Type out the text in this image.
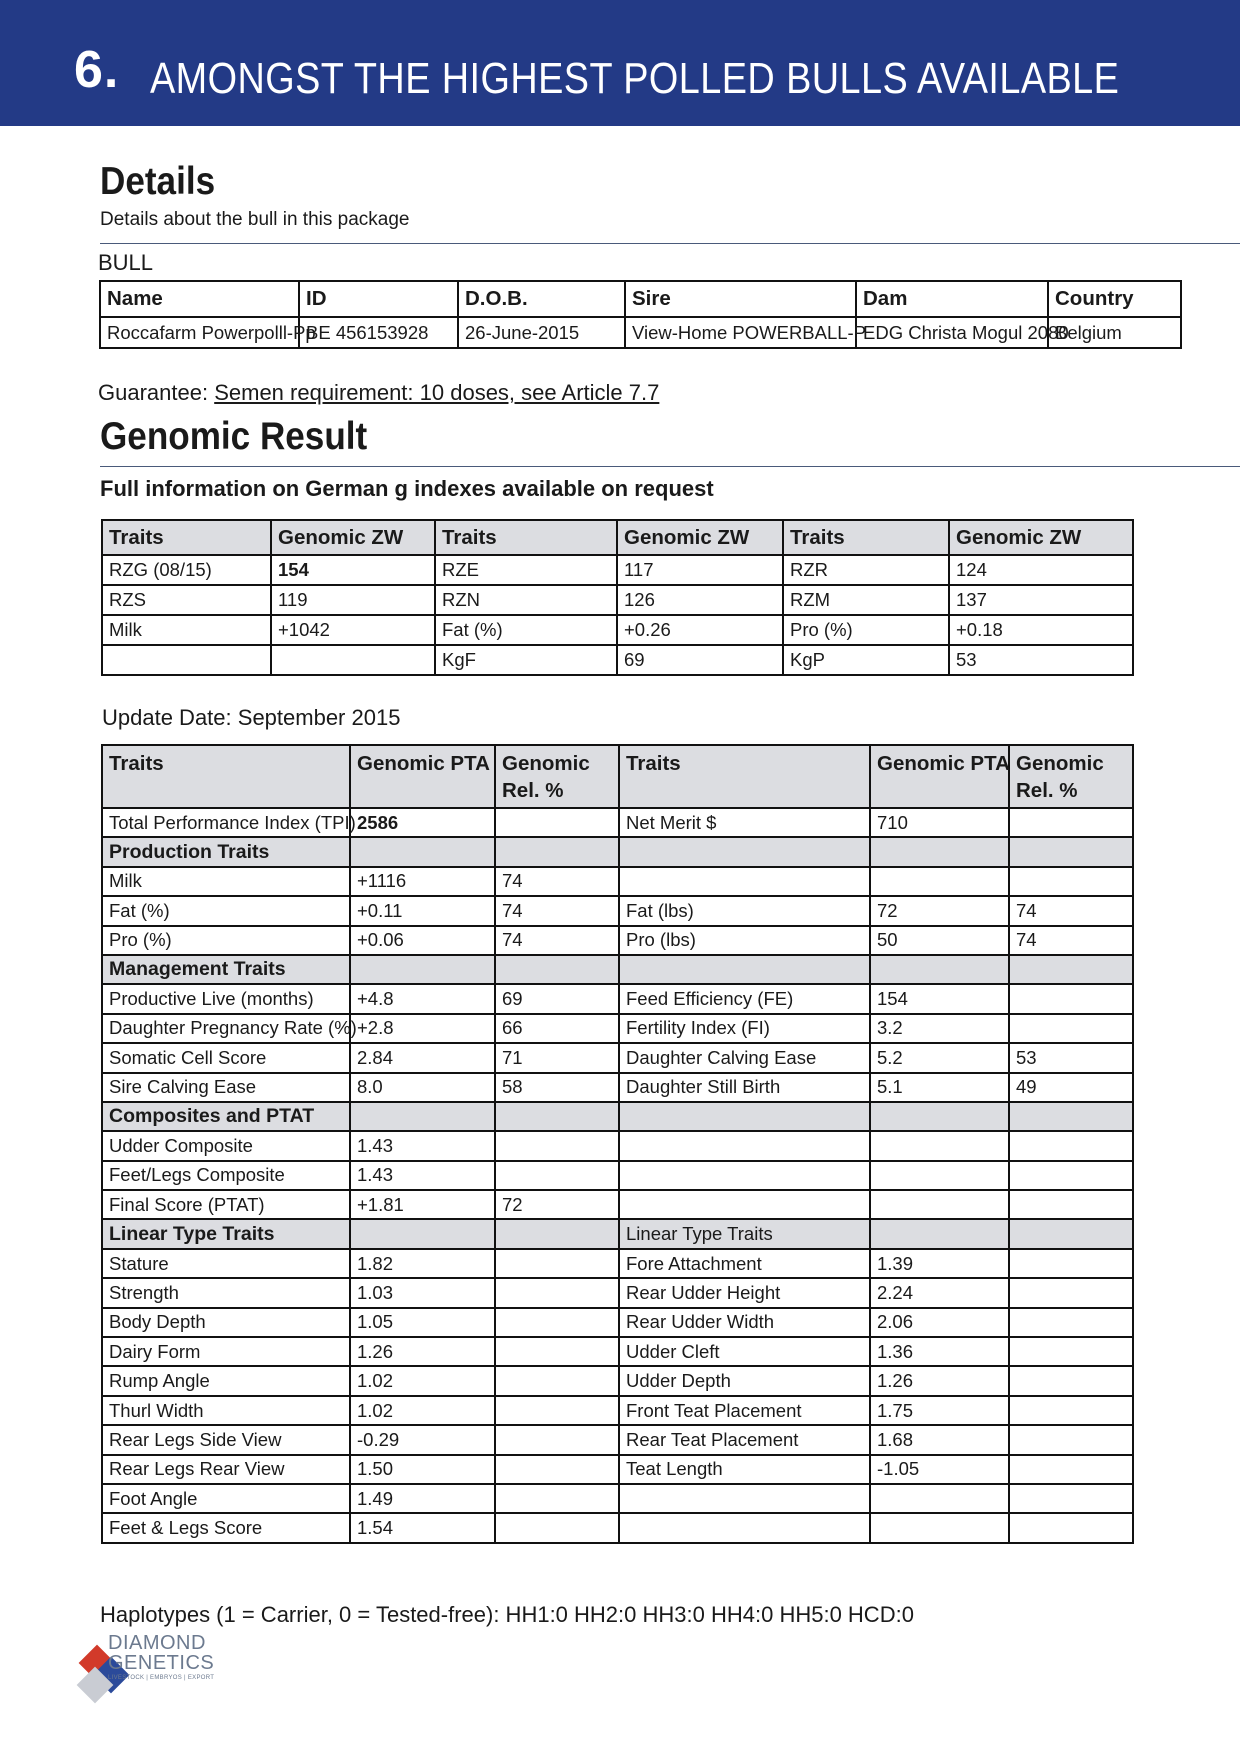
6. AMONGST THE HIGHEST POLLED BULLS AVAILABLE
Details
Details about the bull in this package
BULL
Name	ID	D.O.B.	Sire	Dam	Country
Roccafarm Powerpolll-Pp	BE 456153928	26-June-2015	View-Home POWERBALL-P	EDG Christa Mogul 2080	Belgium
Guarantee: Semen requirement: 10 doses, see Article 7.7
Genomic Result
Full information on German g indexes available on request
Traits	Genomic ZW	Traits	Genomic ZW	Traits	Genomic ZW
RZG (08/15)	154	RZE	117	RZR	124
RZS	119	RZN	126	RZM	137
Milk	+1042	Fat (%)	+0.26	Pro (%)	+0.18
		KgF	69	KgP	53
Update Date: September 2015
Traits	Genomic PTA	Genomic Rel. %	Traits	Genomic PTA	Genomic Rel. %
Total Performance Index (TPI)	2586		Net Merit $	710	
Production Traits					
Milk	+1116	74			
Fat (%)	+0.11	74	Fat (lbs)	72	74
Pro (%)	+0.06	74	Pro (lbs)	50	74
Management Traits					
Productive Live (months)	+4.8	69	Feed Efficiency (FE)	154	
Daughter Pregnancy Rate (%)	+2.8	66	Fertility Index (FI)	3.2	
Somatic Cell Score	2.84	71	Daughter Calving Ease	5.2	53
Sire Calving Ease	8.0	58	Daughter Still Birth	5.1	49
Composites and PTAT					
Udder Composite	1.43				
Feet/Legs Composite	1.43				
Final Score (PTAT)	+1.81	72			
Linear Type Traits			Linear Type Traits		
Stature	1.82		Fore Attachment	1.39	
Strength	1.03		Rear Udder Height	2.24	
Body Depth	1.05		Rear Udder Width	2.06	
Dairy Form	1.26		Udder Cleft	1.36	
Rump Angle	1.02		Udder Depth	1.26	
Thurl Width	1.02		Front Teat Placement	1.75	
Rear Legs Side View	-0.29		Rear Teat Placement	1.68	
Rear Legs Rear View	1.50		Teat Length	-1.05	
Foot Angle	1.49				
Feet & Legs Score	1.54				
Haplotypes (1 = Carrier, 0 = Tested-free): HH1:0 HH2:0 HH3:0 HH4:0 HH5:0 HCD:0
DIAMOND
GENETICS
LIVESTOCK | EMBRYOS | EXPORT
